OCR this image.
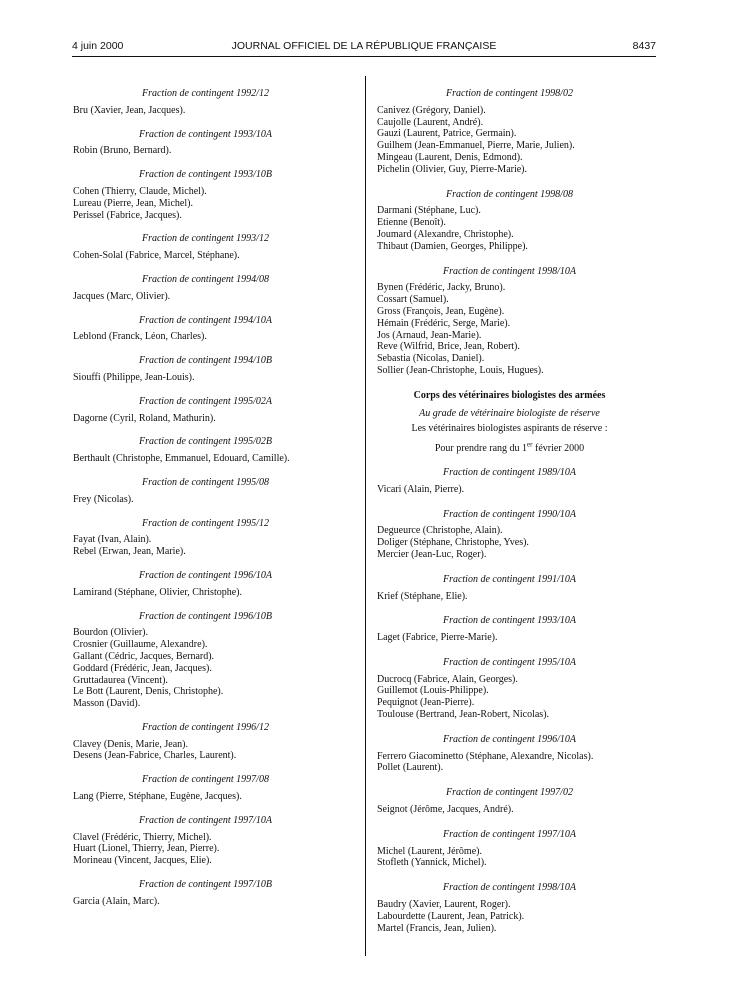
4 juin 2000	JOURNAL OFFICIEL DE LA RÉPUBLIQUE FRANÇAISE	8437
Fraction de contingent 1992/12
Bru (Xavier, Jean, Jacques).
Fraction de contingent 1993/10A
Robin (Bruno, Bernard).
Fraction de contingent 1993/10B
Cohen (Thierry, Claude, Michel).
Lureau (Pierre, Jean, Michel).
Perissel (Fabrice, Jacques).
Fraction de contingent 1993/12
Cohen-Solal (Fabrice, Marcel, Stéphane).
Fraction de contingent 1994/08
Jacques (Marc, Olivier).
Fraction de contingent 1994/10A
Leblond (Franck, Léon, Charles).
Fraction de contingent 1994/10B
Siouffi (Philippe, Jean-Louis).
Fraction de contingent 1995/02A
Dagorne (Cyril, Roland, Mathurin).
Fraction de contingent 1995/02B
Berthault (Christophe, Emmanuel, Edouard, Camille).
Fraction de contingent 1995/08
Frey (Nicolas).
Fraction de contingent 1995/12
Fayat (Ivan, Alain).
Rebel (Erwan, Jean, Marie).
Fraction de contingent 1996/10A
Lamirand (Stéphane, Olivier, Christophe).
Fraction de contingent 1996/10B
Bourdon (Olivier).
Crosnier (Guillaume, Alexandre).
Gallant (Cédric, Jacques, Bernard).
Goddard (Frédéric, Jean, Jacques).
Gruttadaurea (Vincent).
Le Bott (Laurent, Denis, Christophe).
Masson (David).
Fraction de contingent 1996/12
Clavey (Denis, Marie, Jean).
Desens (Jean-Fabrice, Charles, Laurent).
Fraction de contingent 1997/08
Lang (Pierre, Stéphane, Eugène, Jacques).
Fraction de contingent 1997/10A
Clavel (Frédéric, Thierry, Michel).
Huart (Lionel, Thierry, Jean, Pierre).
Morineau (Vincent, Jacques, Elie).
Fraction de contingent 1997/10B
Garcia (Alain, Marc).
Fraction de contingent 1998/02
Canivez (Grégory, Daniel).
Caujolle (Laurent, André).
Gauzi (Laurent, Patrice, Germain).
Guilhem (Jean-Emmanuel, Pierre, Marie, Julien).
Mingeau (Laurent, Denis, Edmond).
Pichelin (Olivier, Guy, Pierre-Marie).
Fraction de contingent 1998/08
Darmani (Stéphane, Luc).
Etienne (Benoît).
Joumard (Alexandre, Christophe).
Thibaut (Damien, Georges, Philippe).
Fraction de contingent 1998/10A
Bynen (Frédéric, Jacky, Bruno).
Cossart (Samuel).
Gross (François, Jean, Eugène).
Hémain (Frédéric, Serge, Marie).
Jos (Arnaud, Jean-Marie).
Reve (Wilfrid, Brice, Jean, Robert).
Sebastia (Nicolas, Daniel).
Sollier (Jean-Christophe, Louis, Hugues).
Corps des vétérinaires biologistes des armées
Au grade de vétérinaire biologiste de réserve
Les vétérinaires biologistes aspirants de réserve :
Pour prendre rang du 1er février 2000
Fraction de contingent 1989/10A
Vicari (Alain, Pierre).
Fraction de contingent 1990/10A
Degueurce (Christophe, Alain).
Doliger (Stéphane, Christophe, Yves).
Mercier (Jean-Luc, Roger).
Fraction de contingent 1991/10A
Krief (Stéphane, Elie).
Fraction de contingent 1993/10A
Laget (Fabrice, Pierre-Marie).
Fraction de contingent 1995/10A
Ducrocq (Fabrice, Alain, Georges).
Guillemot (Louis-Philippe).
Pequignot (Jean-Pierre).
Toulouse (Bertrand, Jean-Robert, Nicolas).
Fraction de contingent 1996/10A
Ferrero Giacominetto (Stéphane, Alexandre, Nicolas).
Pollet (Laurent).
Fraction de contingent 1997/02
Seignot (Jérôme, Jacques, André).
Fraction de contingent 1997/10A
Michel (Laurent, Jérôme).
Stofleth (Yannick, Michel).
Fraction de contingent 1998/10A
Baudry (Xavier, Laurent, Roger).
Labourdette (Laurent, Jean, Patrick).
Martel (Francis, Jean, Julien).
